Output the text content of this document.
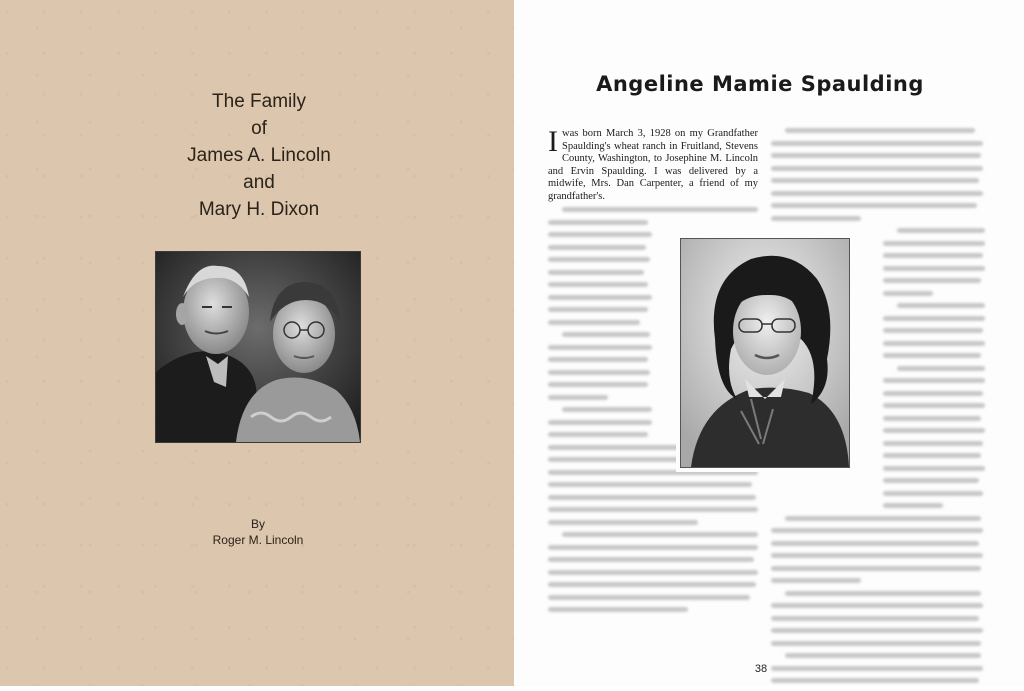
The Family
of
James A. Lincoln
and
Mary H. Dixon
By
Roger M. Lincoln
Angeline Mamie Spaulding

Iwas born March 3, 1928 on my Grandfather Spaulding's wheat ranch in Fruitland, Stevens County, Washington, to Josephine M. Lincoln and Ervin Spaulding. I was delivered by a midwife, Mrs. Dan Carpenter, a friend of my grandfather's.

38
